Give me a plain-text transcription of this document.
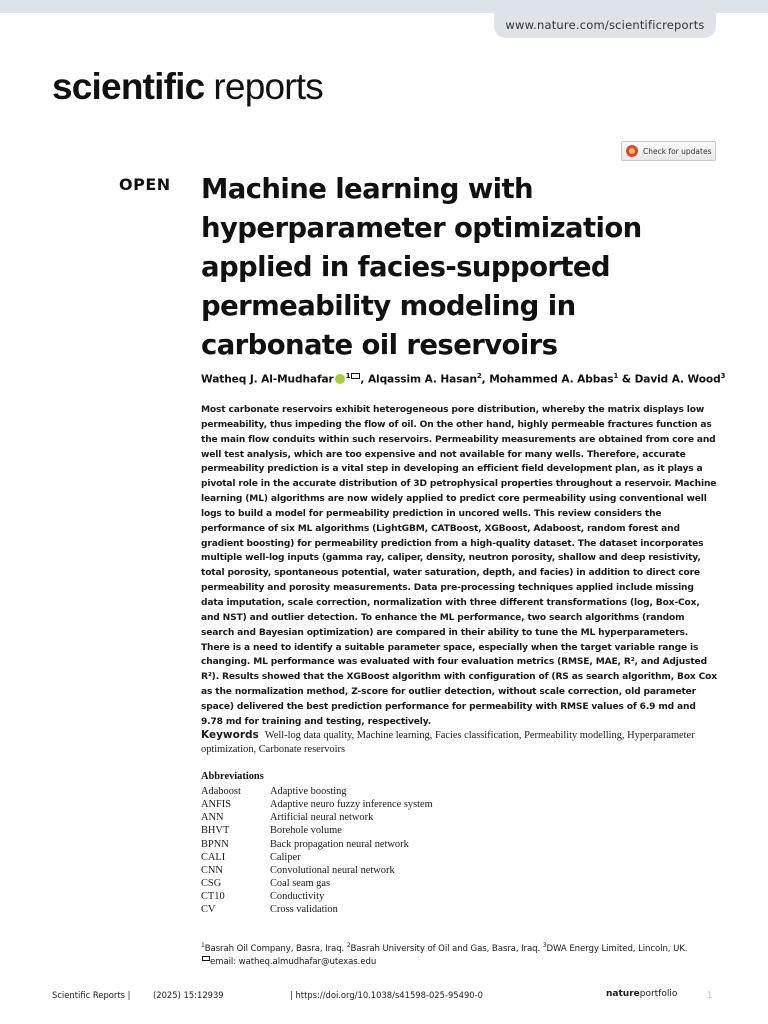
www.nature.com/scientificreports
scientific reports
Check for updates
OPEN Machine learning with hyperparameter optimization applied in facies-supported permeability modeling in carbonate oil reservoirs
Watheq J. Al-Mudhafar $^1$ , Alqassim A. Hasan$^2$, Mohammed A. Abbas$^1$ & David A. Wood$^3$

Most carbonate reservoirs exhibit heterogeneous pore distribution, whereby the matrix displays low permeability, thus impeding the flow of oil. On the other hand, highly permeable fractures function as the main flow conduits within such reservoirs. Permeability measurements are obtained from core and well test analysis, which are too expensive and not available for many wells. Therefore, accurate permeability prediction is a vital step in developing an efficient field development plan, as it plays a pivotal role in the accurate distribution of 3D petrophysical properties throughout a reservoir. Machine learning (ML) algorithms are now widely applied to predict core permeability using conventional well logs to build a model for permeability prediction in uncored wells. This review considers the performance of six ML algorithms (LightGBM, CATBoost, XGBoost, Adaboost, random forest and gradient boosting) for permeability prediction from a high-quality dataset. The dataset incorporates multiple well-log inputs (gamma ray, caliper, density, neutron porosity, shallow and deep resistivity, total porosity, spontaneous potential, water saturation, depth, and facies) in addition to direct core permeability and porosity measurements. Data pre-processing techniques applied include missing data imputation, scale correction, normalization with three different transformations (log, Box-Cox, and NST) and outlier detection. To enhance the ML performance, two search algorithms (random search and Bayesian optimization) are compared in their ability to tune the ML hyperparameters. There is a need to identify a suitable parameter space, especially when the target variable range is changing. ML performance was evaluated with four evaluation metrics (RMSE, MAE, R², and Adjusted R²). Results showed that the XGBoost algorithm with configuration of (RS as search algorithm, Box Cox as the normalization method, Z-score for outlier detection, without scale correction, old parameter space) delivered the best prediction performance for permeability with RMSE values of 6.9 md and 9.78 md for training and testing, respectively.

Keywords Well-log data quality, Machine learning, Facies classification, Permeability modelling, Hyperparameter optimization, Carbonate reservoirs
Abbreviations
Adaboost	Adaptive boosting
ANFIS	Adaptive neuro fuzzy inference system
ANN	Artificial neural network
BHVT	Borehole volume
BPNN	Back propagation neural network
CALI	Caliper
CNN	Convolutional neural network
CSG	Coal seam gas
CT10	Conductivity
CV	Cross validation
$^1$Basrah Oil Company, Basra, Iraq. $^2$Basrah University of Oil and Gas, Basra, Iraq. $^3$DWA Energy Limited, Lincoln, UK.
email: watheq.almudhafar@utexas.edu
Scientific Reports |	(2025) 15:12939	| https://doi.org/10.1038/s41598-025-95490-0	natureportfolio	1
